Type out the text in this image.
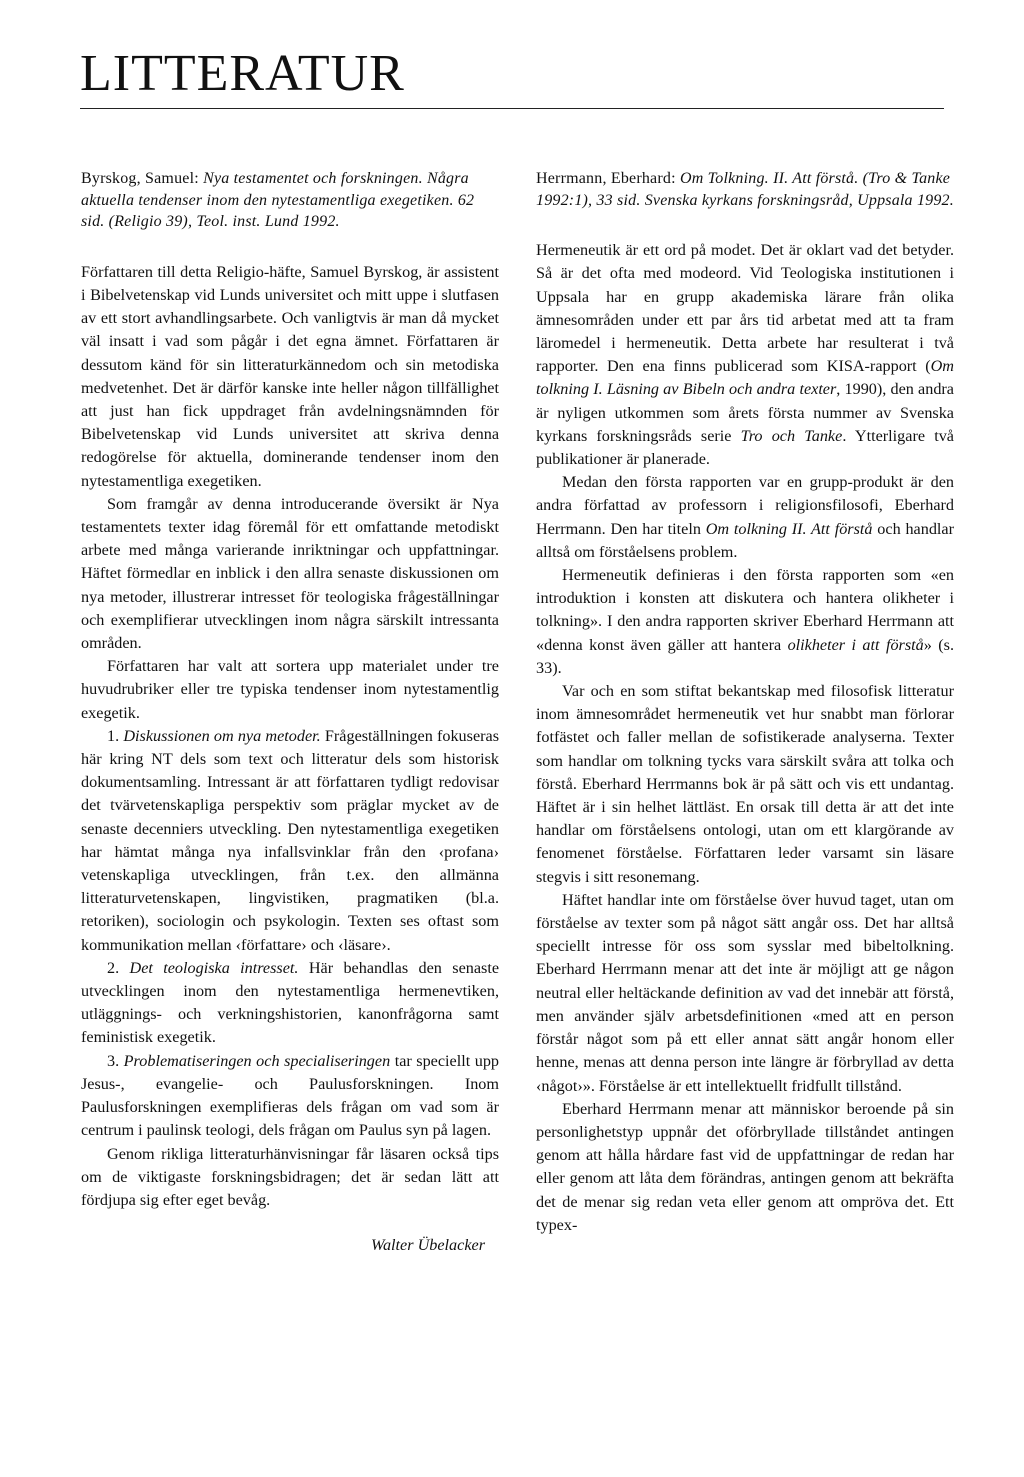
LITTERATUR
Byrskog, Samuel: Nya testamentet och forskningen. Några aktuella tendenser inom den nytestamentliga exegetiken. 62 sid. (Religio 39), Teol. inst. Lund 1992.

Författaren till detta Religio-häfte, Samuel Byrskog, är assistent i Bibelvetenskap vid Lunds universitet och mitt uppe i slutfasen av ett stort avhandlingsarbete. Och vanligtvis är man då mycket väl insatt i vad som pågår i det egna ämnet. Författaren är dessutom känd för sin litteraturkännedom och sin metodiska medvetenhet. Det är därför kanske inte heller någon tillfällighet att just han fick uppdraget från avdelningsnämnden för Bibelvetenskap vid Lunds universitet att skriva denna redogörelse för aktuella, dominerande tendenser inom den nytestamentliga exegetiken.

Som framgår av denna introducerande översikt är Nya testamentets texter idag föremål för ett omfattande metodiskt arbete med många varierande inriktningar och uppfattningar. Häftet förmedlar en inblick i den allra senaste diskussionen om nya metoder, illustrerar intresset för teologiska frågeställningar och exemplifierar utvecklingen inom några särskilt intressanta områden.

Författaren har valt att sortera upp materialet under tre huvudrubriker eller tre typiska tendenser inom nytestamentlig exegetik.

1. Diskussionen om nya metoder. Frågeställningen fokuseras här kring NT dels som text och litteratur dels som historisk dokumentsamling. Intressant är att författaren tydligt redovisar det tvärvetenskapliga perspektiv som präglar mycket av de senaste decenniers utveckling. Den nytestamentliga exegetiken har hämtat många nya infallsvinklar från den ‹profana› vetenskapliga utvecklingen, från t.ex. den allmänna litteraturvetenskapen, lingvistiken, pragmatiken (bl.a. retoriken), sociologin och psykologin. Texten ses oftast som kommunikation mellan ‹författare› och ‹läsare›.

2. Det teologiska intresset. Här behandlas den senaste utvecklingen inom den nytestamentliga hermenevtiken, utläggnings- och verkningshistorien, kanonfrågorna samt feministisk exegetik.

3. Problematiseringen och specialiseringen tar speciellt upp Jesus-, evangelie- och Paulusforskningen. Inom Paulusforskningen exemplifieras dels frågan om vad som är centrum i paulinsk teologi, dels frågan om Paulus syn på lagen.

Genom rikliga litteraturhänvisningar får läsaren också tips om de viktigaste forskningsbidragen; det är sedan lätt att fördjupa sig efter eget bevåg.

Walter Übelacker
Herrmann, Eberhard: Om Tolkning. II. Att förstå. (Tro & Tanke 1992:1), 33 sid. Svenska kyrkans forskningsråd, Uppsala 1992.

Hermeneutik är ett ord på modet. Det är oklart vad det betyder. Så är det ofta med modeord. Vid Teologiska institutionen i Uppsala har en grupp akademiska lärare från olika ämnesområden under ett par års tid arbetat med att ta fram läromedel i hermeneutik. Detta arbete har resulterat i två rapporter. Den ena finns publicerad som KISA-rapport (Om tolkning I. Läsning av Bibeln och andra texter, 1990), den andra är nyligen utkommen som årets första nummer av Svenska kyrkans forskningsråds serie Tro och Tanke. Ytterligare två publikationer är planerade.

Medan den första rapporten var en grupp-produkt är den andra författad av professorn i religionsfilosofi, Eberhard Herrmann. Den har titeln Om tolkning II. Att förstå och handlar alltså om förståelsens problem.

Hermeneutik definieras i den första rapporten som «en introduktion i konsten att diskutera och hantera olikheter i tolkning». I den andra rapporten skriver Eberhard Herrmann att «denna konst även gäller att hantera olikheter i att förstå» (s. 33).

Var och en som stiftat bekantskap med filosofisk litteratur inom ämnesområdet hermeneutik vet hur snabbt man förlorar fotfästet och faller mellan de sofistikerade analyserna. Texter som handlar om tolkning tycks vara särskilt svåra att tolka och förstå. Eberhard Herrmanns bok är på sätt och vis ett undantag. Häftet är i sin helhet lättläst. En orsak till detta är att det inte handlar om förståelsens ontologi, utan om ett klargörande av fenomenet förståelse. Författaren leder varsamt sin läsare stegvis i sitt resonemang.

Häftet handlar inte om förståelse över huvud taget, utan om förståelse av texter som på något sätt angår oss. Det har alltså speciellt intresse för oss som sysslar med bibeltolkning. Eberhard Herrmann menar att det inte är möjligt att ge någon neutral eller heltäckande definition av vad det innebär att förstå, men använder själv arbetsdefinitionen «med att en person förstår något som på ett eller annat sätt angår honom eller henne, menas att denna person inte längre är förbryllad av detta ‹något›». Förståelse är ett intellektuellt fridfullt tillstånd.

Eberhard Herrmann menar att människor beroende på sin personlighetstyp uppnår det oförbryllade tillståndet antingen genom att hålla hårdare fast vid de uppfattningar de redan har eller genom att låta dem förändras, antingen genom att bekräfta det de menar sig redan veta eller genom att ompröva det. Ett typex-
